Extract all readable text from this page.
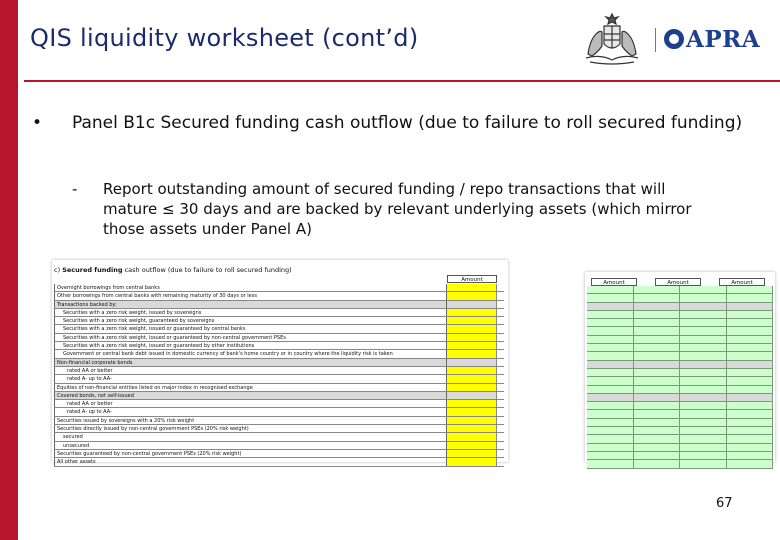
QIS liquidity worksheet (cont’d)	APRA
• Panel B1c Secured funding cash outflow (due to failure to roll secured funding)
- Report outstanding amount of secured funding / repo transactions that will mature ≤ 30 days and are backed by relevant underlying assets (which mirror those assets under Panel A)
c) Secured funding cash outflow (due to failure to roll secured funding)
Amount
Overnight borrowings from central banks
Other borrowings from central banks with remaining maturity of 30 days or less
Transactions backed by:
Securities with a zero risk weight, issued by sovereigns
Securities with a zero risk weight, guaranteed by sovereigns
Securities with a zero risk weight, issued or guaranteed by central banks
Securities with a zero risk weight, issued or guaranteed by non-central government PSEs
Securities with a zero risk weight, issued or guaranteed by other institutions
Government or central bank debt issued in domestic currency of bank's home country or in country where the liquidity risk is taken
Non-financial corporate bonds
rated AA or better
rated A- up to AA-
Equities of non-financial entities listed on major index in recognised exchange
Covered bonds, not self-issued
rated AA or better
rated A- up to AA-
Securities issued by sovereigns with a 20% risk weight
Securities directly issued by non-central government PSEs (20% risk weight)
secured
unsecured
Securities guaranteed by non-central government PSEs (20% risk weight)
All other assets
Amount	Amount	Amount
67
